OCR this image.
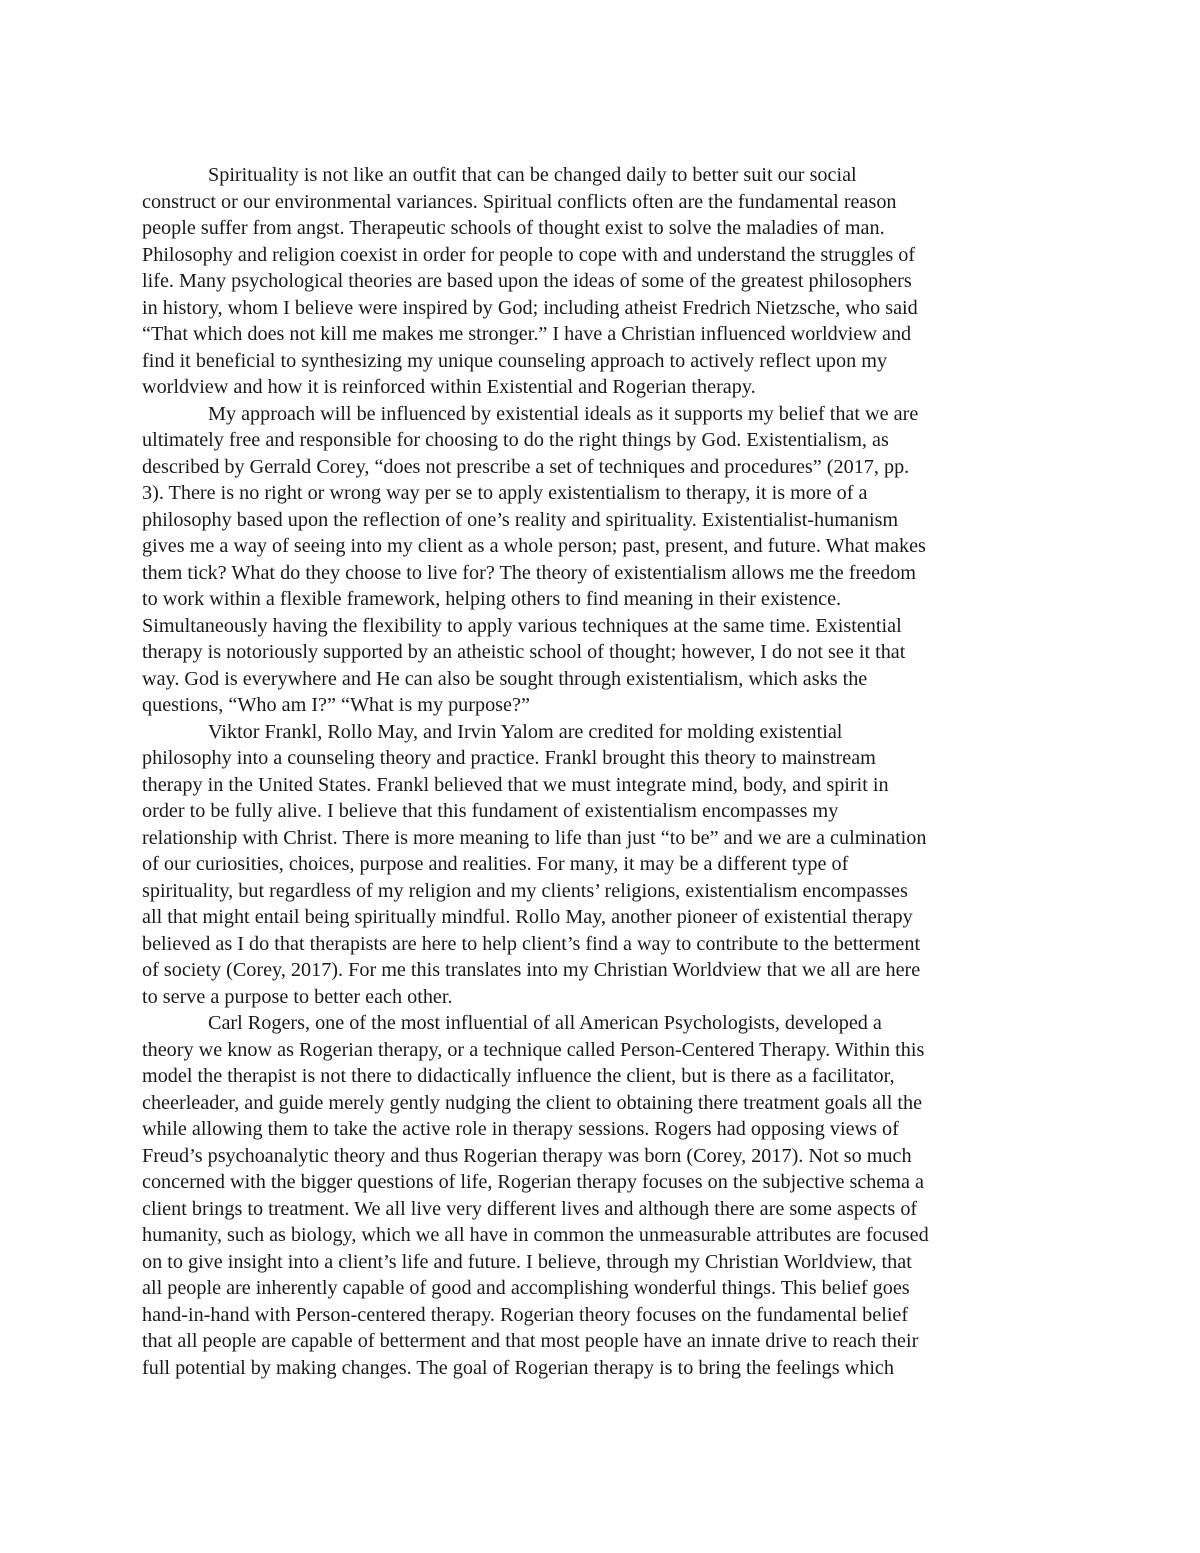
Spirituality is not like an outfit that can be changed daily to better suit our social
construct or our environmental variances. Spiritual conflicts often are the fundamental reason
people suffer from angst. Therapeutic schools of thought exist to solve the maladies of man.
Philosophy and religion coexist in order for people to cope with and understand the struggles of
life. Many psychological theories are based upon the ideas of some of the greatest philosophers
in history, whom I believe were inspired by God; including atheist Fredrich Nietzsche, who said
“That which does not kill me makes me stronger.” I have a Christian influenced worldview and
find it beneficial to synthesizing my unique counseling approach to actively reflect upon my
worldview and how it is reinforced within Existential and Rogerian therapy.
My approach will be influenced by existential ideals as it supports my belief that we are
ultimately free and responsible for choosing to do the right things by God. Existentialism, as
described by Gerrald Corey, “does not prescribe a set of techniques and procedures” (2017, pp.
3). There is no right or wrong way per se to apply existentialism to therapy, it is more of a
philosophy based upon the reflection of one’s reality and spirituality. Existentialist-humanism
gives me a way of seeing into my client as a whole person; past, present, and future. What makes
them tick? What do they choose to live for? The theory of existentialism allows me the freedom
to work within a flexible framework, helping others to find meaning in their existence.
Simultaneously having the flexibility to apply various techniques at the same time. Existential
therapy is notoriously supported by an atheistic school of thought; however, I do not see it that
way. God is everywhere and He can also be sought through existentialism, which asks the
questions, “Who am I?” “What is my purpose?”
Viktor Frankl, Rollo May, and Irvin Yalom are credited for molding existential
philosophy into a counseling theory and practice. Frankl brought this theory to mainstream
therapy in the United States. Frankl believed that we must integrate mind, body, and spirit in
order to be fully alive. I believe that this fundament of existentialism encompasses my
relationship with Christ. There is more meaning to life than just “to be” and we are a culmination
of our curiosities, choices, purpose and realities. For many, it may be a different type of
spirituality, but regardless of my religion and my clients’ religions, existentialism encompasses
all that might entail being spiritually mindful. Rollo May, another pioneer of existential therapy
believed as I do that therapists are here to help client’s find a way to contribute to the betterment
of society (Corey, 2017). For me this translates into my Christian Worldview that we all are here
to serve a purpose to better each other.
Carl Rogers, one of the most influential of all American Psychologists, developed a
theory we know as Rogerian therapy, or a technique called Person-Centered Therapy. Within this
model the therapist is not there to didactically influence the client, but is there as a facilitator,
cheerleader, and guide merely gently nudging the client to obtaining there treatment goals all the
while allowing them to take the active role in therapy sessions. Rogers had opposing views of
Freud’s psychoanalytic theory and thus Rogerian therapy was born (Corey, 2017). Not so much
concerned with the bigger questions of life, Rogerian therapy focuses on the subjective schema a
client brings to treatment. We all live very different lives and although there are some aspects of
humanity, such as biology, which we all have in common the unmeasurable attributes are focused
on to give insight into a client’s life and future. I believe, through my Christian Worldview, that
all people are inherently capable of good and accomplishing wonderful things. This belief goes
hand-in-hand with Person-centered therapy. Rogerian theory focuses on the fundamental belief
that all people are capable of betterment and that most people have an innate drive to reach their
full potential by making changes. The goal of Rogerian therapy is to bring the feelings which
